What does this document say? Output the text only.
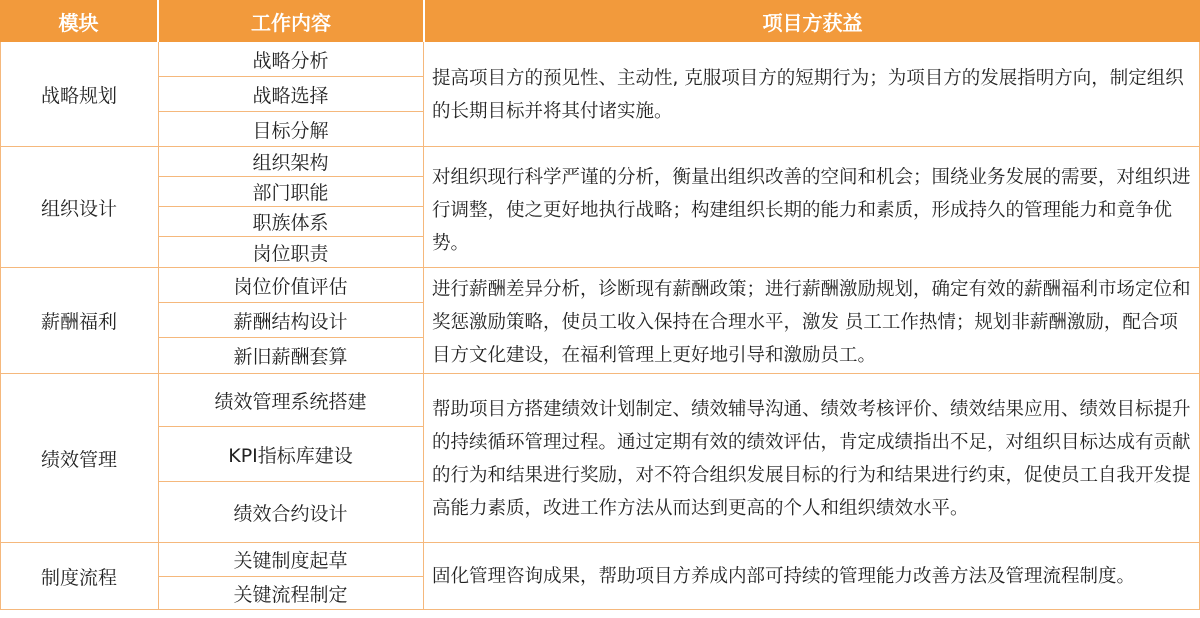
模块	工作内容	项目方获益
战略规划
战略分析
战略选择
目标分解
提高项目方的预见性、主动性, 克服项目方的短期行为；为项目方的发展指明方向，制定组织的长期目标并将其付诸实施。
组织设计
组织架构
部门职能
职族体系
岗位职责
对组织现行科学严谨的分析，衡量出组织改善的空间和机会；围绕业务发展的需要，对组织进行调整，使之更好地执行战略；构建组织长期的能力和素质，形成持久的管理能力和竟争优势。
薪酬福利
岗位价值评估
薪酬结构设计
新旧薪酬套算
进行薪酬差异分析，诊断现有薪酬政策；进行薪酬激励规划，确定有效的薪酬福利市场定位和奖惩激励策略，使员工收入保持在合理水平，激发 员工工作热情；规划非薪酬激励，配合项目方文化建设，在福利管理上更好地引导和激励员工。
绩效管理
绩效管理系统搭建
KPI指标库建设
绩效合约设计
帮助项目方搭建绩效计划制定、绩效辅导沟通、绩效考核评价、绩效结果应用、绩效目标提升的持续循环管理过程。通过定期有效的绩效评估，肯定成绩指出不足，对组织目标达成有贡献的行为和结果进行奖励，对不符合组织发展目标的行为和结果进行约束，促使员工自我开发提高能力素质，改进工作方法从而达到更高的个人和组织绩效水平。
制度流程
关键制度起草
关键流程制定
固化管理咨询成果，帮助项目方养成内部可持续的管理能力改善方法及管理流程制度。
